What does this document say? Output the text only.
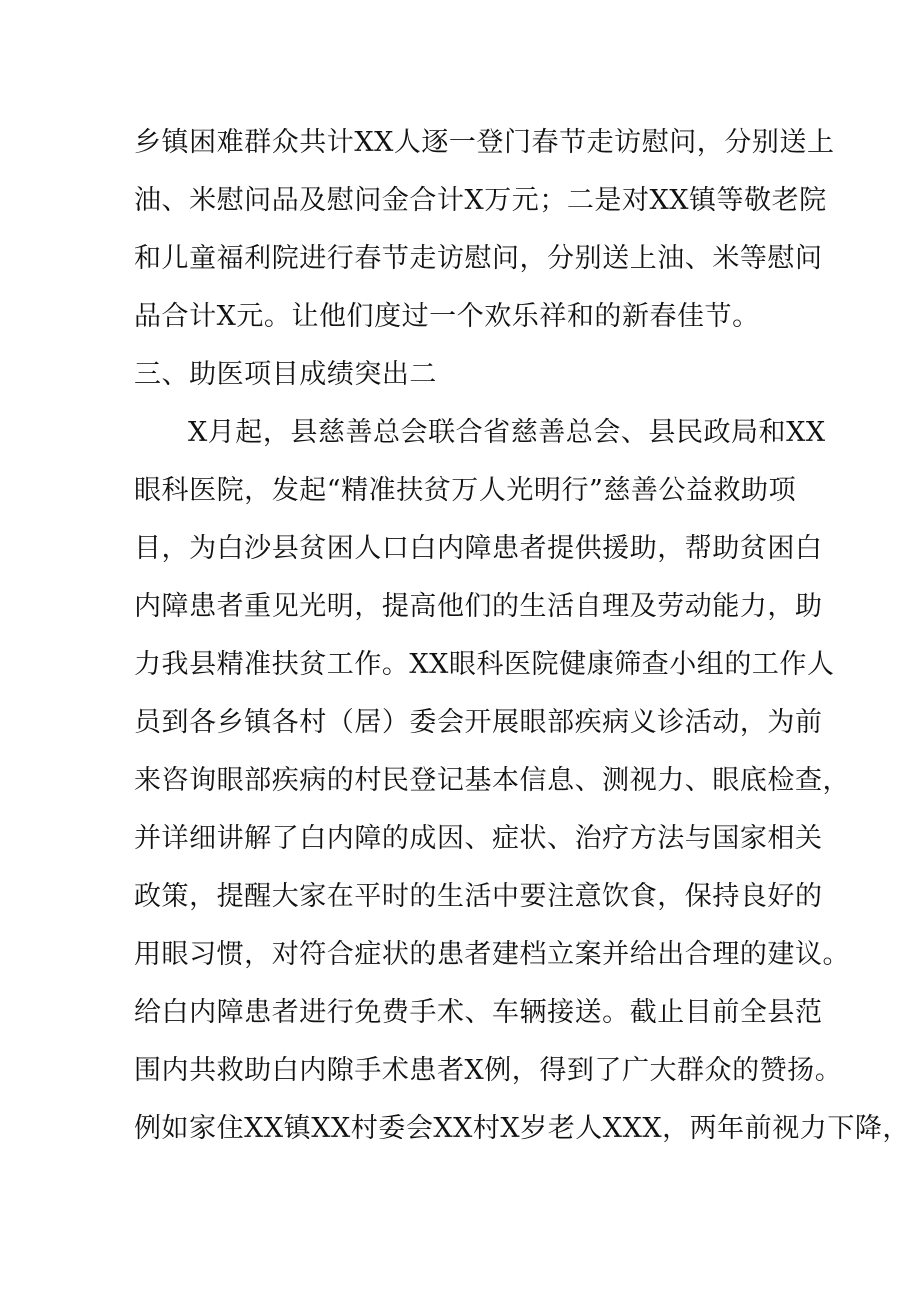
乡镇困难群众共计XX人逐一登门春节走访慰问，分别送上
油、米慰问品及慰问金合计X万元；二是对XX镇等敬老院
和儿童福利院进行春节走访慰问，分别送上油、米等慰问
品合计X元。让他们度过一个欢乐祥和的新春佳节。
三、助医项目成绩突出二
X月起，县慈善总会联合省慈善总会、县民政局和XX
眼科医院，发起“精准扶贫万人光明行”慈善公益救助项
目，为白沙县贫困人口白内障患者提供援助，帮助贫困白
内障患者重见光明，提高他们的生活自理及劳动能力，助
力我县精准扶贫工作。XX眼科医院健康筛查小组的工作人
员到各乡镇各村（居）委会开展眼部疾病义诊活动，为前
来咨询眼部疾病的村民登记基本信息、测视力、眼底检查，
并详细讲解了白内障的成因、症状、治疗方法与国家相关
政策，提醒大家在平时的生活中要注意饮食，保持良好的
用眼习惯，对符合症状的患者建档立案并给出合理的建议。
给白内障患者进行免费手术、车辆接送。截止目前全县范
围内共救助白内隙手术患者X例，得到了广大群众的赞扬。
例如家住XX镇XX村委会XX村X岁老人XXX，两年前视力下降，
